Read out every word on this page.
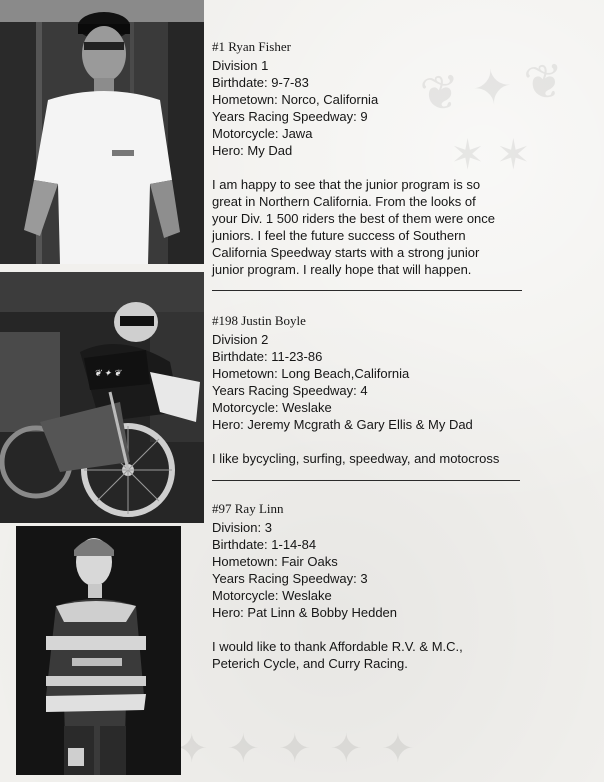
❦ ✦ ❦
#1 Ryan Fisher
Division 1
Birthdate: 9-7-83
Hometown: Norco, California
Years Racing Speedway: 9
Motorcycle: Jawa
Hero: My Dad
I am happy to see that the junior program is so
great in Northern California. From the looks of
your Div. 1 500 riders the best of them were once
juniors. I feel the future success of Southern
California Speedway starts with a strong junior
junior program. I really hope that will happen.
#198 Justin Boyle
Division 2
Birthdate: 11-23-86
Hometown: Long Beach,California
Years Racing Speedway: 4
Motorcycle: Weslake
Hero: Jeremy Mcgrath & Gary Ellis & My Dad
I like bycycling, surfing, speedway, and motocross
#97 Ray Linn
Division: 3
Birthdate: 1-14-84
Hometown: Fair Oaks
Years Racing Speedway: 3
Motorcycle: Weslake
Hero: Pat Linn & Bobby Hedden
I would like to thank Affordable R.V. & M.C.,
Peterich Cycle, and Curry Racing.
